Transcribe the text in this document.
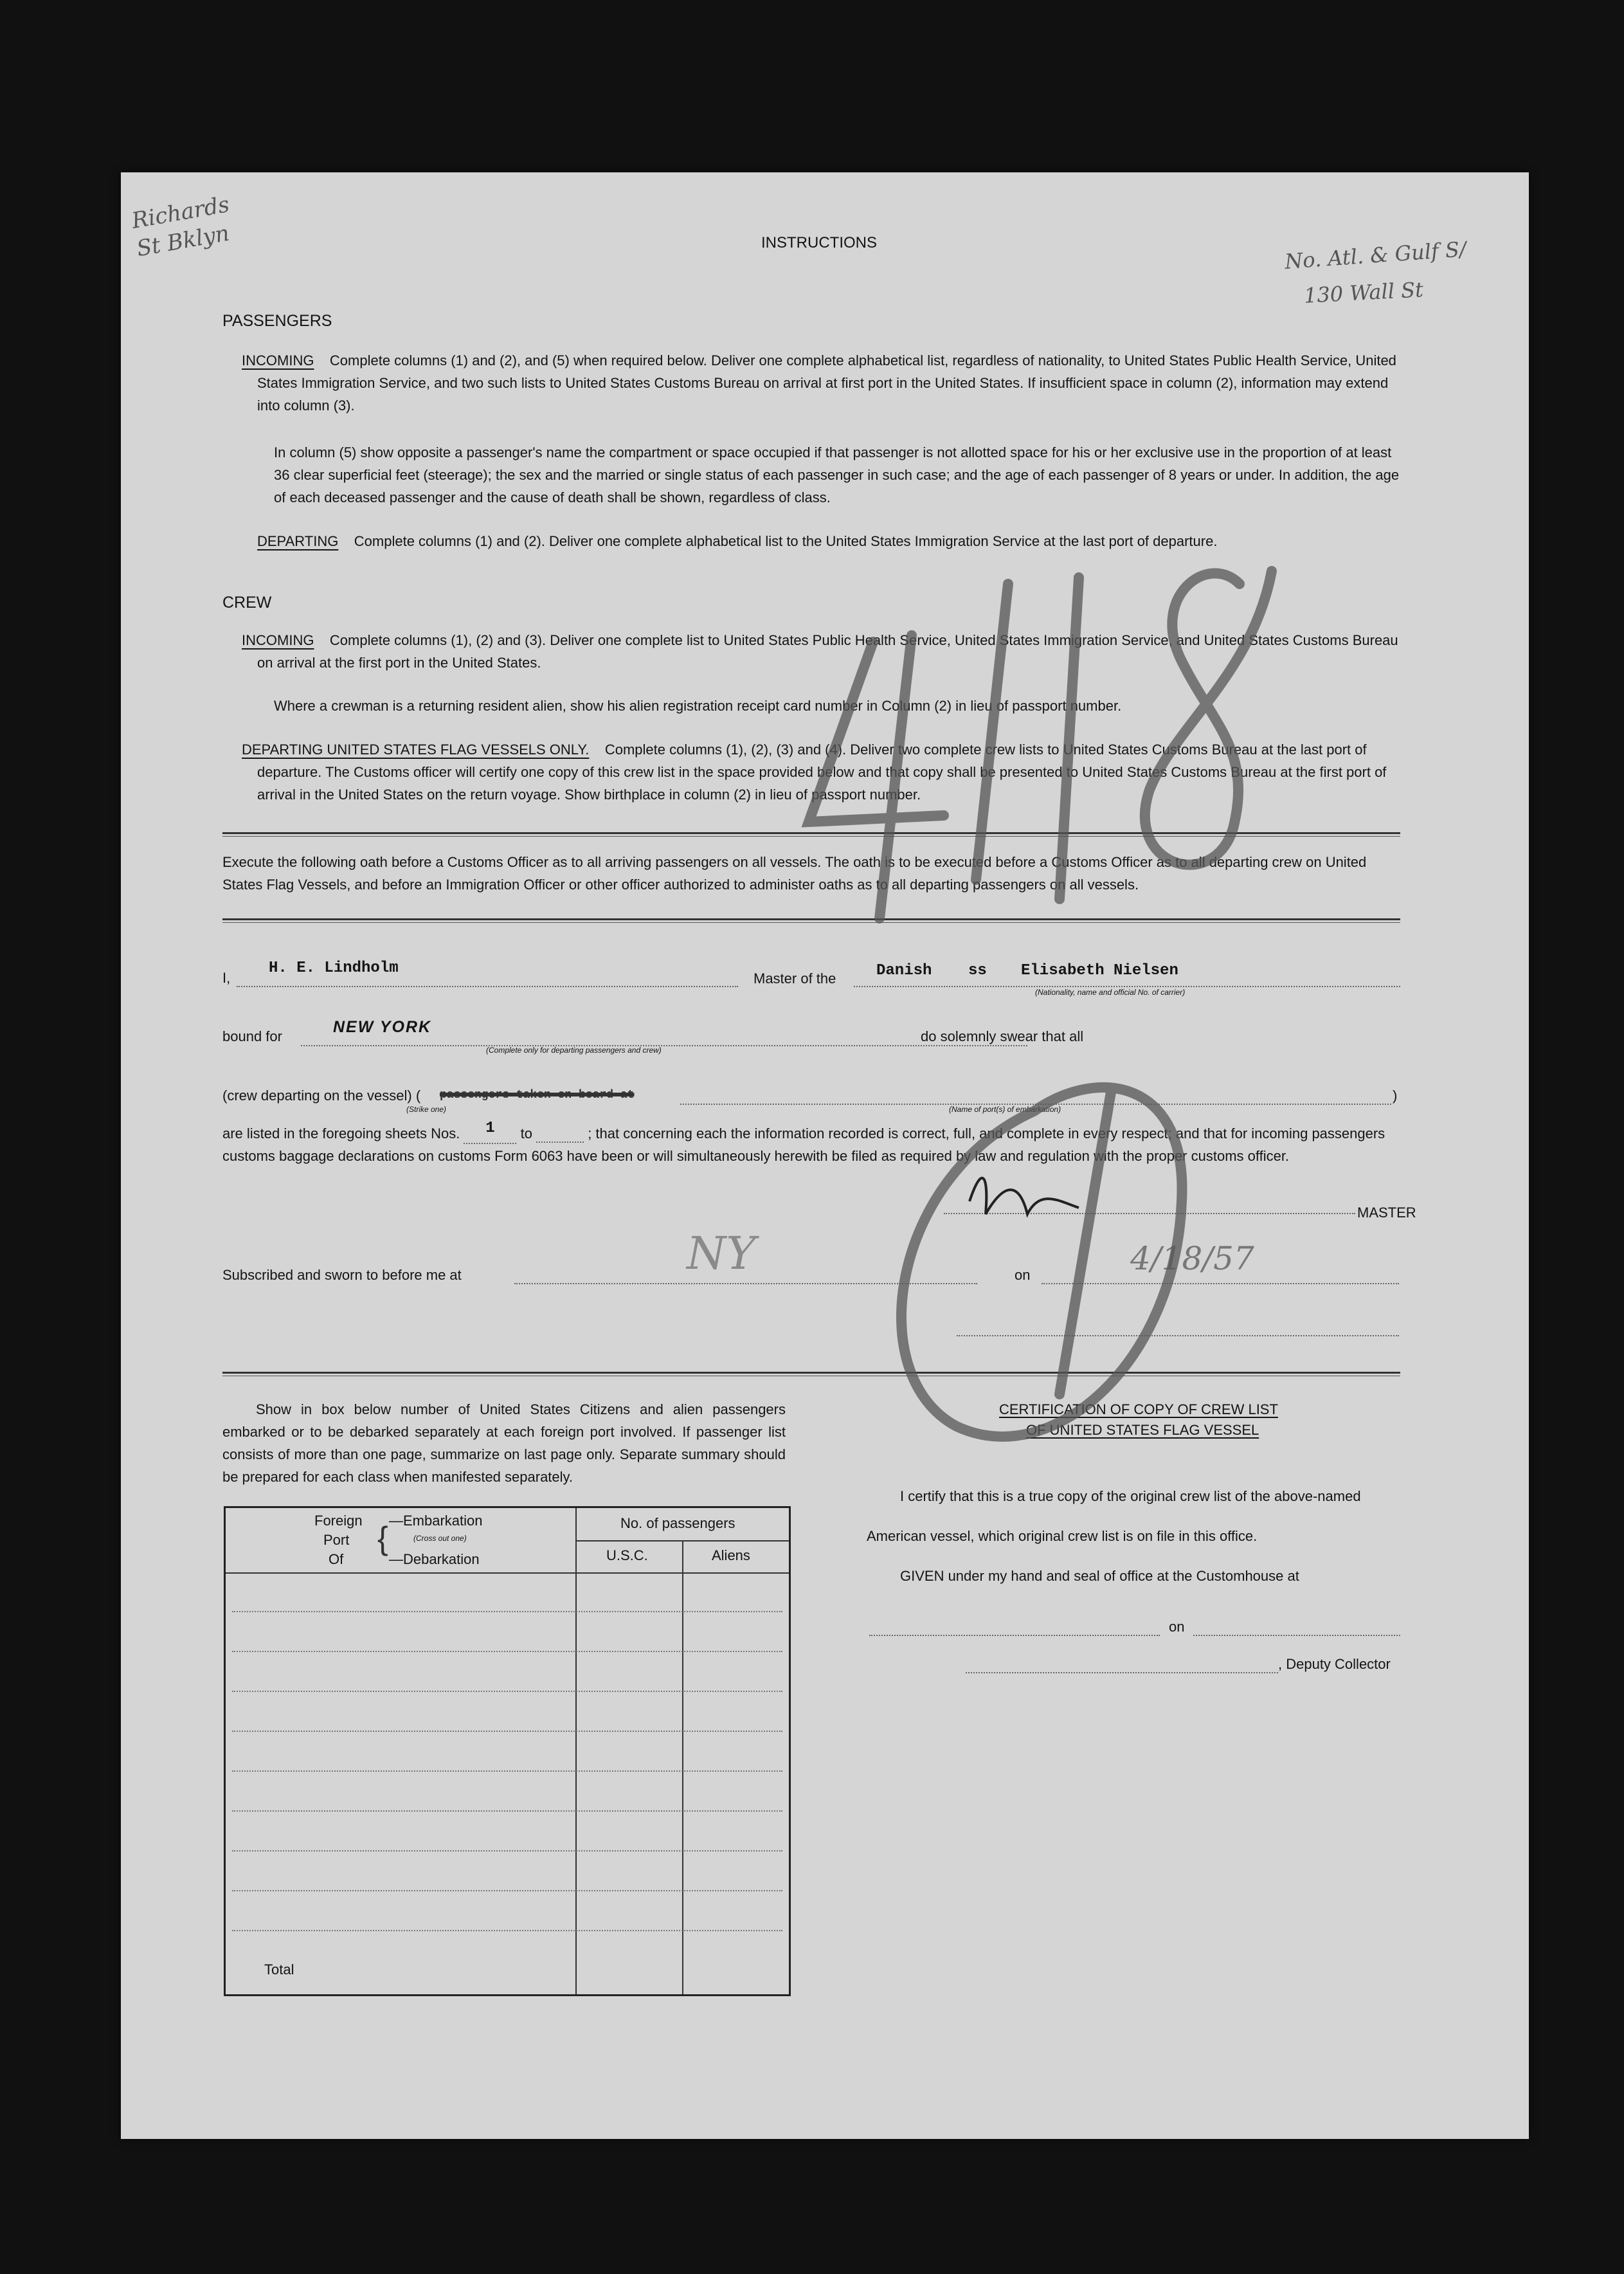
INSTRUCTIONS
Richards St Bklyn	No. Atl. & Gulf S/
130 Wall St
PASSENGERS
INCOMING Complete columns (1) and (2), and (5) when required below. Deliver one complete alphabetical list, regardless of nationality, to United States Public Health Service, United States Immigration Service, and two such lists to United States Customs Bureau on arrival at first port in the United States. If insufficient space in column (2), information may extend into column (3).
In column (5) show opposite a passenger's name the compartment or space occupied if that passenger is not allotted space for his or her exclusive use in the proportion of at least 36 clear superficial feet (steerage); the sex and the married or single status of each passenger in such case; and the age of each passenger of 8 years or under. In addition, the age of each deceased passenger and the cause of death shall be shown, regardless of class.
DEPARTING Complete columns (1) and (2). Deliver one complete alphabetical list to the United States Immigration Service at the last port of departure.
CREW
INCOMING Complete columns (1), (2) and (3). Deliver one complete list to United States Public Health Service, United States Immigration Service, and United States Customs Bureau on arrival at the first port in the United States.
Where a crewman is a returning resident alien, show his alien registration receipt card number in Column (2) in lieu of passport number.
DEPARTING UNITED STATES FLAG VESSELS ONLY. Complete columns (1), (2), (3) and (4). Deliver two complete crew lists to United States Customs Bureau at the last port of departure. The Customs officer will certify one copy of this crew list in the space provided below and that copy shall be presented to United States Customs Bureau at the first port of arrival in the United States on the return voyage. Show birthplace in column (2) in lieu of passport number.
Execute the following oath before a Customs Officer as to all arriving passengers on all vessels. The oath is to be executed before a Customs Officer as to all departing crew on United States Flag Vessels, and before an Immigration Officer or other officer authorized to administer oaths as to all departing passengers on all vessels.
I,
H. E. Lindholm
Master of the	Danish ss Elisabeth Nielsen
(Nationality, name and official No. of carrier)
bound for
NEW YORK
(Complete only for departing passengers and crew)
do solemnly swear that all
(crew departing on the vessel) ( passengers taken on board at	)
(Strike one)	(Name of port(s) of embarkation)
are listed in the foregoing sheets Nos. 1 to	; that concerning each the information recorded is correct, full, and complete in every respect; and that for incoming passengers customs baggage declarations on customs Form 6063 have been or will simultaneously herewith be filed as required by law and regulation with the proper customs officer.
MASTER
Subscribed and sworn to before me at	NY	on	4/18/57
Show in box below number of United States Citizens and alien passengers embarked or to be debarked separately at each foreign port involved. If passenger list consists of more than one page, summarize on last page only. Separate summary should be prepared for each class when manifested separately.
Foreign
Port
Of
{ —Embarkation
(Cross out one)
—Debarkation
No. of passengers
U.S.C.	Aliens
Total
CERTIFICATION OF COPY OF CREW LIST
OF UNITED STATES FLAG VESSEL
I certify that this is a true copy of the original crew list of the above-named
American vessel, which original crew list is on file in this office.
GIVEN under my hand and seal of office at the Customhouse at
on
, Deputy Collector
